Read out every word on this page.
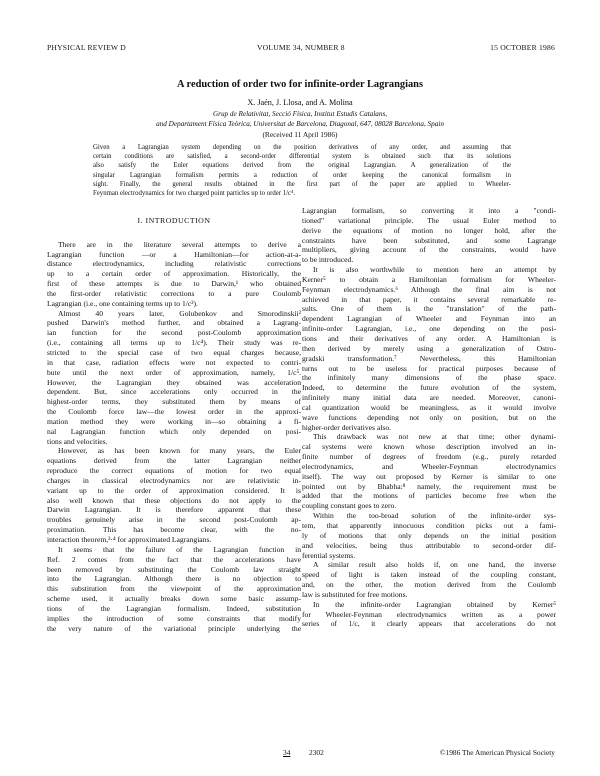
PHYSICAL REVIEW D	VOLUME 34, NUMBER 8	15 OCTOBER 1986
A reduction of order two for infinite-order Lagrangians
X. Jaén, J. Llosa, and A. Molina
Grup de Relativitat, Secció Física, Institut Estudis Catalans,
and Departament Física Teòrica, Universitat de Barcelona, Diagonal, 647, 08028 Barcelona, Spain
(Received 11 April 1986)
Given a Lagrangian system depending on the position derivatives of any order, and assuming that
certain conditions are satisfied, a second-order differential system is obtained such that its solutions
also satisfy the Euler equations derived from the original Lagrangian. A generalization of the
singular Lagrangian formalism permits a reduction of order keeping the canonical formalism in
sight. Finally, the general results obtained in the first part of the paper are applied to Wheeler-
Feynman electrodynamics for two charged point particles up to order 1/c⁴.
I. INTRODUCTION
There are in the literature several attempts to derive a
Lagrangian function —or a Hamiltonian—for action-at-a-
distance electrodynamics, including relativistic corrections
up to a certain order of approximation. Historically, the
first of these attempts is due to Darwin,¹ who obtained
the first-order relativistic corrections to a pure Coulomb
Lagrangian (i.e., one containing terms up to 1/c²).
Almost 40 years later, Golubenkov and Smorodinskii²
pushed Darwin's method further, and obtained a Lagrang-
ian function for the second post-Coulomb approximation
(i.e., containing all terms up to 1/c⁴). Their study was re-
stricted to the special case of two equal charges because,
in that case, radiation effects were not expected to contri-
bute until the next order of approximation, namely, 1/c⁵.
However, the Lagrangian they obtained was acceleration
dependent. But, since accelerations only occurred in the
highest-order terms, they substituted them by means of
the Coulomb force law—the lowest order in the approxi-
mation method they were working in—so obtaining a fi-
nal Lagrangian function which only depended on posi-
tions and velocities.
However, as has been known for many years, the Euler
equations derived from the latter Lagrangian neither
reproduce the correct equations of motion for two equal
charges in classical electrodynamics nor are relativistic in-
variant up to the order of approximation considered. It is
also well known that these objections do not apply to the
Darwin Lagrangian. It is therefore apparent that these
troubles genuinely arise in the second post-Coulomb ap-
proximation. This has become clear, with the no-
interaction theorem,³·⁴ for approximated Lagrangians.
It seems that the failure of the Lagrangian function in
Ref. 2 comes from the fact that the accelerations have
been removed by substituting the Coulomb law straight
into the Lagrangian. Although there is no objection to
this substitution from the viewpoint of the approximation
scheme used, it actually breaks down some basic assump-
tions of the Lagrangian formalism. Indeed, substitution
implies the introduction of some constraints that modify
the very nature of the variational principle underlying the
Lagrangian formalism, so converting it into a "condi-
tioned" variational principle. The usual Euler method to
derive the equations of motion no longer hold, after the
constraints have been substituted, and some Lagrange
multipliers, giving account of the constraints, would have
to be introduced.
It is also worthwhile to mention here an attempt by
Kerner⁵ to obtain a Hamiltonian formalism for Wheeler-
Feynman electrodynamics.⁶ Although the final aim is not
achieved in that paper, it contains several remarkable re-
sults. One of them is the "translation" of the path-
dependent Lagrangian of Wheeler and Feynman into an
infinite-order Lagrangian, i.e., one depending on the posi-
tions and their derivatives of any order. A Hamiltonian is
then derived by merely using a generalization of Ostro-
gradski transformation.⁷ Nevertheless, this Hamiltonian
turns out to be useless for practical purposes because of
the infinitely many dimensions of the phase space.
Indeed, to determine the future evolution of the system,
infinitely many initial data are needed. Moreover, canoni-
cal quantization would be meaningless, as it would involve
wave functions depending not only on position, but on the
higher-order derivatives also.
This drawback was not new at that time; other dynami-
cal systems were known whose description involved an in-
finite number of degrees of freedom (e.g., purely retarded
electrodynamics, and Wheeler-Feynman electrodynamics
itself). The way out proposed by Kerner is similar to one
pointed out by Bhabha:⁸ namely, the requirement must be
added that the motions of particles become free when the
coupling constant goes to zero.
Within the too-broad solution of the infinite-order sys-
tem, that apparently innocuous condition picks out a fami-
ly of motions that only depends on the initial position
and velocities, being thus attributable to second-order dif-
ferential systems.
A similar result also holds if, on one hand, the inverse
speed of light is taken instead of the coupling constant,
and, on the other, the motion derived from the Coulomb
law is substituted for free motions.
In the infinite-order Lagrangian obtained by Kerner⁵
for Wheeler-Feynman electrodynamics written as a power
series of 1/c, it clearly appears that accelerations do not
34	2302	©1986 The American Physical Society
